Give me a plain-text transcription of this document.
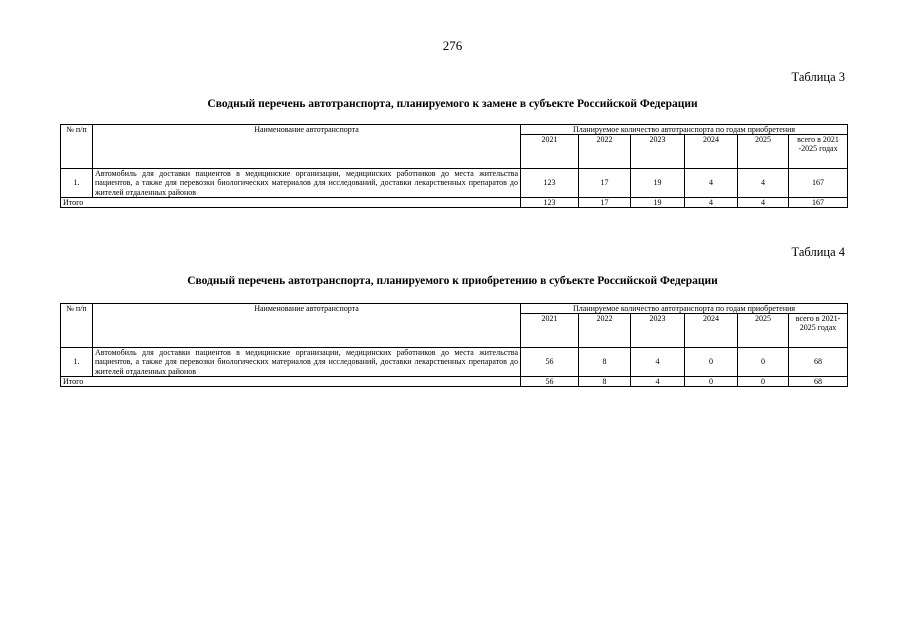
276
Таблица 3
Сводный перечень автотранспорта, планируемого к замене в субъекте Российской Федерации
№ п/п	Наименование автотранспорта	Планируемое количество автотранспорта по годам приобретения					
		2021	2022	2023	2024	2025	всего в 2021 -2025 годах
1.	Автомобиль для доставки пациентов в медицинские организации, медицинских работников до места жительства пациентов, а также для перевозки биологических материалов для исследований, доставки лекарственных препаратов до жителей отдаленных районов	123	17	19	4	4	167
Итого		123	17	19	4	4	167
Таблица 4
Сводный перечень автотранспорта, планируемого к приобретению в субъекте Российской Федерации
№ п/п	Наименование автотранспорта	Планируемое количество автотранспорта по годам приобретения					
		2021	2022	2023	2024	2025	всего в 2021-2025 годах
1.	Автомобиль для доставки пациентов в медицинские организации, медицинских работников до места жительства пациентов, а также для перевозки биологических материалов для исследований, доставки лекарственных препаратов до жителей отдаленных районов	56	8	4	0	0	68
Итого		56	8	4	0	0	68
